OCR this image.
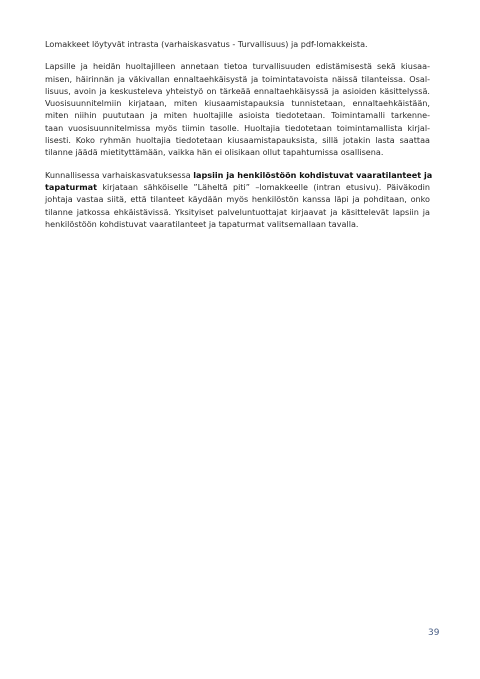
Lomakkeet löytyvät intrasta (varhaiskasvatus - Turvallisuus) ja pdf-lomakkeista.
Lapsille ja heidän huoltajilleen annetaan tietoa turvallisuuden edistämisestä sekä kiusaa-
misen, häirinnän ja väkivallan ennaltaehkäisystä ja toimintatavoista näissä tilanteissa. Osal-
lisuus, avoin ja keskusteleva yhteistyö on tärkeää ennaltaehkäisyssä ja asioiden käsittelyssä.
Vuosisuunnitelmiin kirjataan, miten kiusaamistapauksia tunnistetaan, ennaltaehkäistään,
miten niihin puututaan ja miten huoltajille asioista tiedotetaan. Toimintamalli tarkenne-
taan vuosisuunnitelmissa myös tiimin tasolle. Huoltajia tiedotetaan toimintamallista kirjal-
lisesti. Koko ryhmän huoltajia tiedotetaan kiusaamistapauksista, sillä jotakin lasta saattaa
tilanne jäädä mietityttämään, vaikka hän ei olisikaan ollut tapahtumissa osallisena.
Kunnallisessa varhaiskasvatuksessa lapsiin ja henkilöstöön kohdistuvat vaaratilanteet ja
tapaturmat kirjataan sähköiselle ”Läheltä piti” –lomakkeelle (intran etusivu). Päiväkodin
johtaja vastaa siitä, että tilanteet käydään myös henkilöstön kanssa läpi ja pohditaan, onko
tilanne jatkossa ehkäistävissä. Yksityiset palveluntuottajat kirjaavat ja käsittelevät lapsiin ja
henkilöstöön kohdistuvat vaaratilanteet ja tapaturmat valitsemallaan tavalla.
39
